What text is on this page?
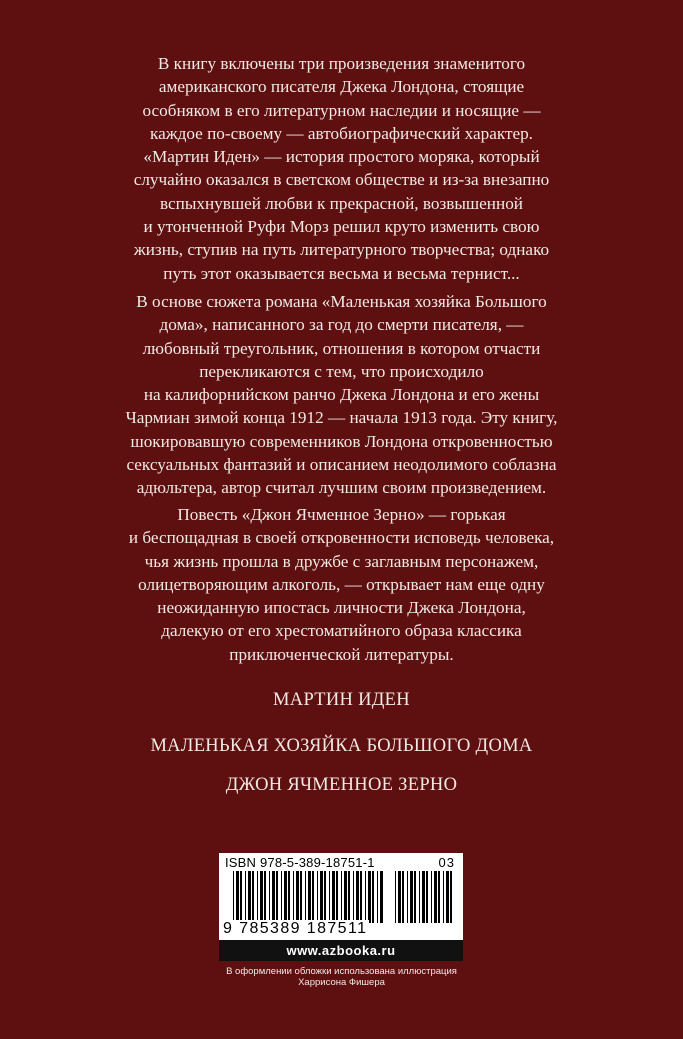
В книгу включены три произведения знаменитого
американского писателя Джека Лондона, стоящие
особняком в его литературном наследии и носящие —
каждое по-своему — автобиографический характер.
«Мартин Иден» — история простого моряка, который
случайно оказался в светском обществе и из-за внезапно
вспыхнувшей любви к прекрасной, возвышенной
и утонченной Руфи Морз решил круто изменить свою
жизнь, ступив на путь литературного творчества; однако
путь этот оказывается весьма и весьма тернист...

В основе сюжета романа «Маленькая хозяйка Большого
дома», написанного за год до смерти писателя, —
любовный треугольник, отношения в котором отчасти
перекликаются с тем, что происходило
на калифорнийском ранчо Джека Лондона и его жены
Чармиан зимой конца 1912 — начала 1913 года. Эту книгу,
шокировавшую современников Лондона откровенностью
сексуальных фантазий и описанием неодолимого соблазна
адюльтера, автор считал лучшим своим произведением.

Повесть «Джон Ячменное Зерно» — горькая
и беспощадная в своей откровенности исповедь человека,
чья жизнь прошла в дружбе с заглавным персонажем,
олицетворяющим алкоголь, — открывает нам еще одну
неожиданную ипостась личности Джека Лондона,
далекую от его хрестоматийного образа классика
приключенческой литературы.

МАРТИН ИДЕН

МАЛЕНЬКАЯ ХОЗЯЙКА БОЛЬШОГО ДОМА

ДЖОН ЯЧМЕННОЕ ЗЕРНО

ISBN 978-5-389-18751-1	03
9 785389 187511
www.azbooka.ru
В оформлении обложки использована иллюстрация
Харрисона Фишера
